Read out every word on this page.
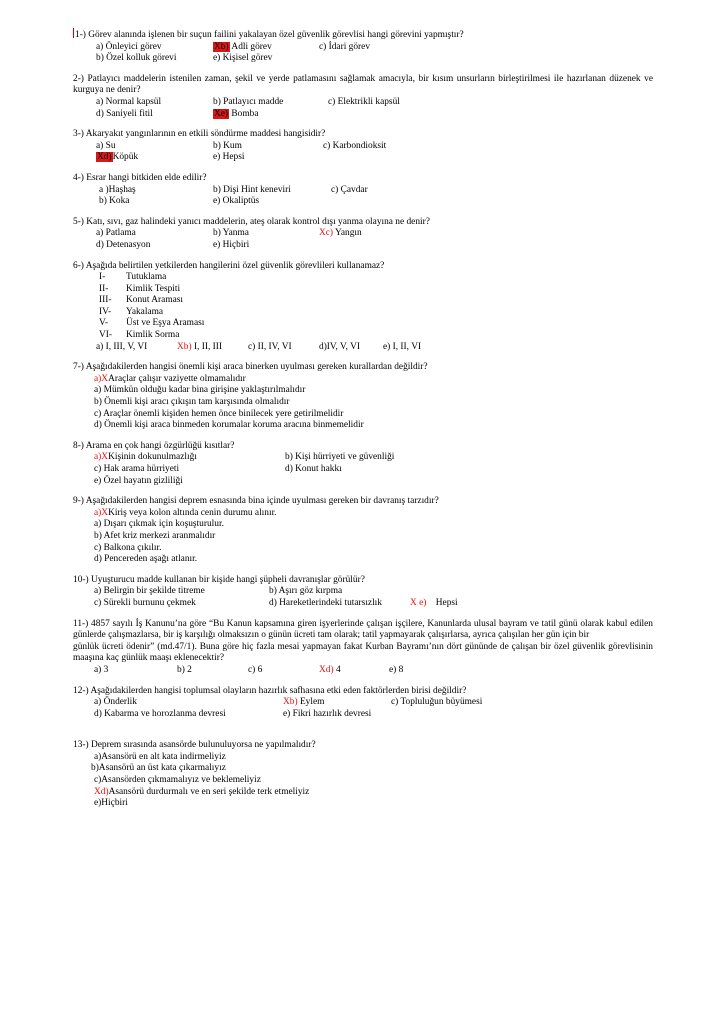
1-) Görev alanında işlenen bir suçun failini yakalayan özel güvenlik görevlisi hangi görevini yapmıştır?
a) Önleyici görev	Xb) Adli görev	c) İdari görev
b) Özel kolluk görevi	e) Kişisel görev
2-) Patlayıcı maddelerin istenilen zaman, şekil ve yerde patlamasını sağlamak amacıyla, bir kısım unsurların birleştirilmesi ile hazırlanan düzenek ve kurguya ne denir?
a) Normal kapsül	b) Patlayıcı madde	c) Elektrikli kapsül
d) Saniyeli fitil	Xe) Bomba
3-) Akaryakıt yangınlarının en etkili söndürme maddesi hangisidir?
a) Su	b) Kum	c) Karbondioksit
Xd)Köpük	e) Hepsi
4-) Esrar hangi bitkiden elde edilir?
a )Haşhaş	b) Dişi Hint keneviri	c) Çavdar
b) Koka	e) Okaliptüs
5-) Katı, sıvı, gaz halindeki yanıcı maddelerin, ateş olarak kontrol dışı yanma olayına ne denir?
a) Patlama	b) Yanma	Xc) Yangın
d) Detenasyon	e) Hiçbiri
6-) Aşağıda belirtilen yetkilerden hangilerini özel güvenlik görevlileri kullanamaz?
I- Tutuklama
II- Kimlik Tespiti
III- Konut Araması
IV- Yakalama
V- Üst ve Eşya Araması
VI- Kimlik Sorma
a) I, III, V, VI	Xb) I, II, III	c) II, IV, VI	d)IV, V, VI e) I, II, VI
7-) Aşağıdakilerden hangisi önemli kişi araca binerken uyulması gereken kurallardan değildir?
a)XAraçlar çalışır vaziyette olmamalıdır
a) Mümkün olduğu kadar bina girişine yaklaştırılmalıdır
b) Önemli kişi aracı çıkışın tam karşısında olmalıdır
c) Araçlar önemli kişiden hemen önce binilecek yere getirilmelidir
d) Önemli kişi araca binmeden korumalar koruma aracına binmemelidir
8-) Arama en çok hangi özgürlüğü kısıtlar?
a)XKişinin dokunulmazlığı	b) Kişi hürriyeti ve güvenliği
c) Hak arama hürriyeti	d) Konut hakkı
e) Özel hayatın gizliliği
9-) Aşağıdakilerden hangisi deprem esnasında bina içinde uyulması gereken bir davranış tarzıdır?
a)XKiriş veya kolon altında cenin durumu alınır.
a) Dışarı çıkmak için koşuşturulur.
b) Afet kriz merkezi aranmalıdır
c) Balkona çıkılır.
d) Pencereden aşağı atlanır.
10-) Uyuşturucu madde kullanan bir kişide hangi şüpheli davranışlar görülür?
a) Belirgin bir şekilde titreme	b) Aşırı göz kırpma
c) Sürekli burnunu çekmek	d) Hareketlerindeki tutarsızlık	X e) Hepsi
11-) 4857 sayılı İş Kanunu’na göre “Bu Kanun kapsamına giren işyerlerinde çalışan işçilere, Kanunlarda ulusal bayram ve tatil günü olarak kabul edilen günlerde çalışmazlarsa, bir iş karşılığı olmaksızın o günün ücreti tam olarak; tatil yapmayarak çalışırlarsa, ayrıca çalışılan her gün için bir
günlük ücreti ödenir” (md.47/1). Buna göre hiç fazla mesai yapmayan fakat Kurban Bayramı’nın dört gününde de çalışan bir özel güvenlik görevlisinin maaşına kaç günlük maaşı eklenecektir?
a) 3	b) 2	c) 6	Xd) 4	e) 8
12-) Aşağıdakilerden hangisi toplumsal olayların hazırlık safhasına etki eden faktörlerden birisi değildir?
a) Önderlik	Xb) Eylem	c) Topluluğun büyümesi
d) Kabarma ve horozlanma devresi	e) Fikri hazırlık devresi
13-) Deprem sırasında asansörde bulunuluyorsa ne yapılmalıdır?
a)Asansörü en alt kata indirmeliyiz
b)Asansörü an üst kata çıkarmalıyız
c)Asansörden çıkmamalıyız ve beklemeliyiz
Xd)Asansörü durdurmalı ve en seri şekilde terk etmeliyiz
e)Hiçbiri
